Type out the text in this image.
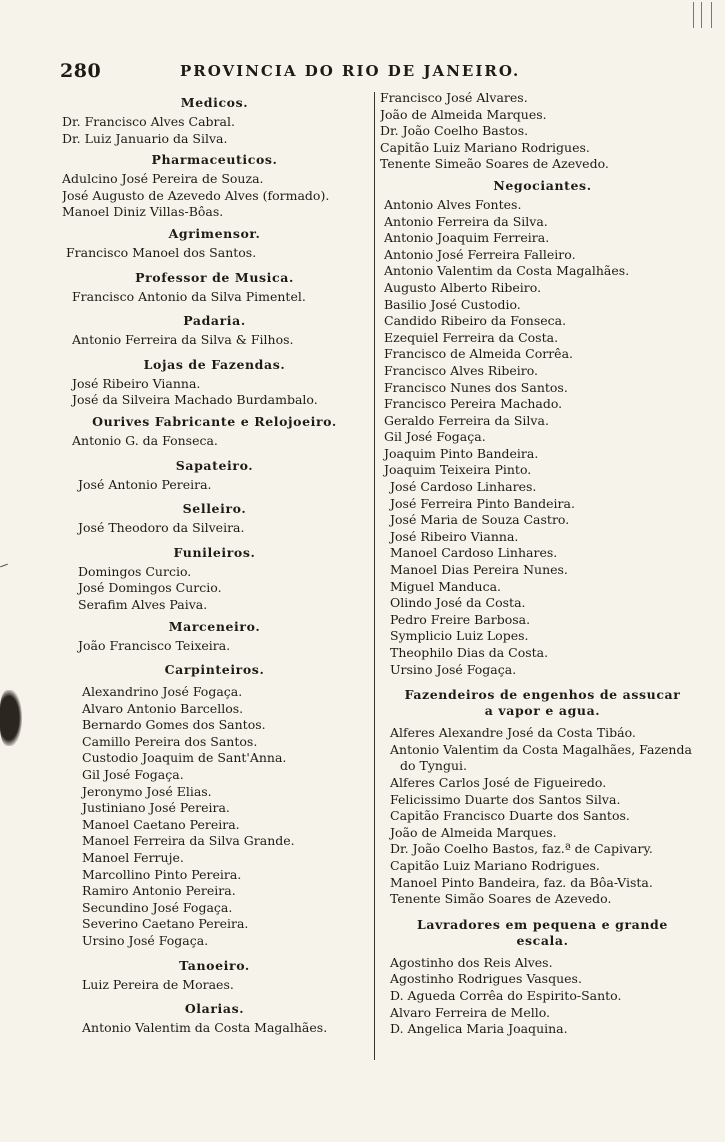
280	PROVINCIA DO RIO DE JANEIRO.
Medicos.
Dr. Francisco Alves Cabral.
Dr. Luiz Januario da Silva.
Pharmaceuticos.
Adulcino José Pereira de Souza.
José Augusto de Azevedo Alves (formado).
Manoel Diniz Villas-Bôas.
Agrimensor.
Francisco Manoel dos Santos.
Professor de Musica.
Francisco Antonio da Silva Pimentel.
Padaria.
Antonio Ferreira da Silva & Filhos.
Lojas de Fazendas.
José Ribeiro Vianna.
José da Silveira Machado Burdambalo.
Ourives Fabricante e Relojoeiro.
Antonio G. da Fonseca.
Sapateiro.
José Antonio Pereira.
Selleiro.
José Theodoro da Silveira.
Funileiros.
Domingos Curcio.
José Domingos Curcio.
Serafim Alves Paiva.
Marceneiro.
João Francisco Teixeira.
Carpinteiros.
Alexandrino José Fogaça.
Alvaro Antonio Barcellos.
Bernardo Gomes dos Santos.
Camillo Pereira dos Santos.
Custodio Joaquim de Sant'Anna.
Gil José Fogaça.
Jeronymo José Elias.
Justiniano José Pereira.
Manoel Caetano Pereira.
Manoel Ferreira da Silva Grande.
Manoel Ferruje.
Marcollino Pinto Pereira.
Ramiro Antonio Pereira.
Secundino José Fogaça.
Severino Caetano Pereira.
Ursino José Fogaça.
Tanoeiro.
Luiz Pereira de Moraes.
Olarias.
Antonio Valentim da Costa Magalhães.
Francisco José Alvares.
João de Almeida Marques.
Dr. João Coelho Bastos.
Capitão Luiz Mariano Rodrigues.
Tenente Simeão Soares de Azevedo.
Negociantes.
Antonio Alves Fontes.
Antonio Ferreira da Silva.
Antonio Joaquim Ferreira.
Antonio José Ferreira Falleiro.
Antonio Valentim da Costa Magalhães.
Augusto Alberto Ribeiro.
Basilio José Custodio.
Candido Ribeiro da Fonseca.
Ezequiel Ferreira da Costa.
Francisco de Almeida Corrêa.
Francisco Alves Ribeiro.
Francisco Nunes dos Santos.
Francisco Pereira Machado.
Geraldo Ferreira da Silva.
Gil José Fogaça.
Joaquim Pinto Bandeira.
Joaquim Teixeira Pinto.
José Cardoso Linhares.
José Ferreira Pinto Bandeira.
José Maria de Souza Castro.
José Ribeiro Vianna.
Manoel Cardoso Linhares.
Manoel Dias Pereira Nunes.
Miguel Manduca.
Olindo José da Costa.
Pedro Freire Barbosa.
Symplicio Luiz Lopes.
Theophilo Dias da Costa.
Ursino José Fogaça.
Fazendeiros de engenhos de assucar
a vapor e agua.
Alferes Alexandre José da Costa Tibáo.
Antonio Valentim da Costa Magalhães, Fazenda do Tyngui.
Alferes Carlos José de Figueiredo.
Felicissimo Duarte dos Santos Silva.
Capitão Francisco Duarte dos Santos.
João de Almeida Marques.
Dr. João Coelho Bastos, faz.ª de Capivary.
Capitão Luiz Mariano Rodrigues.
Manoel Pinto Bandeira, faz. da Bôa-Vista.
Tenente Simão Soares de Azevedo.
Lavradores em pequena e grande
escala.
Agostinho dos Reis Alves.
Agostinho Rodrigues Vasques.
D. Agueda Corrêa do Espirito-Santo.
Alvaro Ferreira de Mello.
D. Angelica Maria Joaquina.
